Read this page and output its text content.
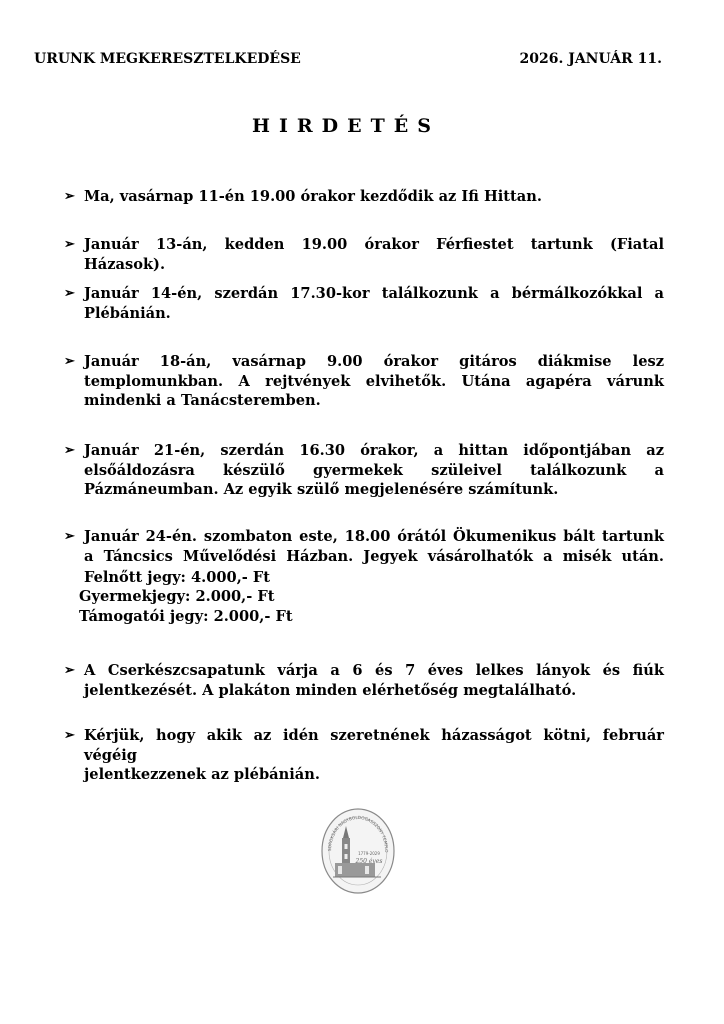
URUNK MEGKERESZTELKEDÉSE	2026. JANUÁR 11.
HIRDETÉS
➢ Ma, vasárnap 11-én 19.00 órakor kezdődik az Ifi Hittan.
➢ Január 13-án, kedden 19.00 órakor Férfiestet tartunk (Fiatal Házasok).
➢ Január 14-én, szerdán 17.30-kor találkozunk a bérmálkozókkal a
Plébánián.
➢ Január 18-án, vasárnap 9.00 órakor gitáros diákmise lesz
templomunkban. A rejtvények elvihetők. Utána agapéra várunk
mindenki a Tanácsteremben.
➢ Január 21-én, szerdán 16.30 órakor, a hittan időpontjában az
elsőáldozásra készülő gyermekek szüleivel találkozunk a
Pázmáneumban. Az egyik szülő megjelenésére számítunk.
➢ Január 24-én. szombaton este, 18.00 órától Ökumenikus bált tartunk
a Táncsics Művelődési Házban. Jegyek vásárolhatók a misék után.
Felnőtt jegy: 4.000,- Ft
Gyermekjegy: 2.000,- Ft
Támogatói jegy: 2.000,- Ft
➢ A Cserkészcsapatunk várja a 6 és 7 éves lelkes lányok és fiúk
jelentkezését. A plakáton minden elérhetőség megtalálható.
➢ Kérjük, hogy akik az idén szeretnének házasságot kötni, február végéig
jelentkezzenek az plébánián.
SOROKSÁRI NAGYBOLDOGASSZONY TEMPLO
1779-2029
250 éves
